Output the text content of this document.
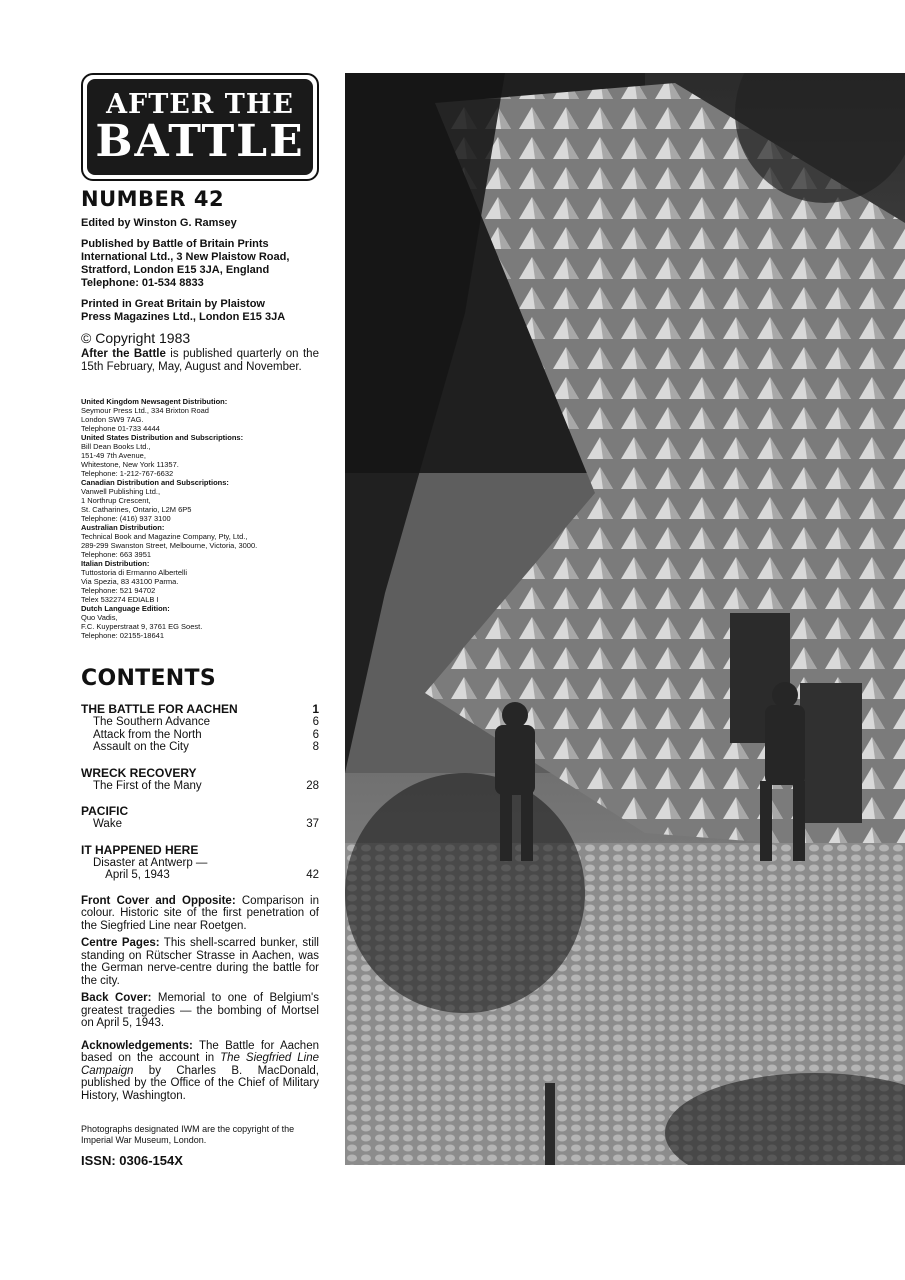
AFTER THE
BATTLE
NUMBER 42
Edited by Winston G. Ramsey
Published by Battle of Britain Prints
International Ltd., 3 New Plaistow Road,
Stratford, London E15 3JA, England
Telephone: 01-534 8833
Printed in Great Britain by Plaistow
Press Magazines Ltd., London E15 3JA
© Copyright 1983
After the Battle is published quarterly on the 15th February, May, August and November.
United Kingdom Newsagent Distribution:
Seymour Press Ltd., 334 Brixton Road
London SW9 7AG.
Telephone 01-733 4444
United States Distribution and Subscriptions:
Bill Dean Books Ltd.,
151-49 7th Avenue,
Whitestone, New York 11357.
Telephone: 1-212-767-6632
Canadian Distribution and Subscriptions:
Vanwell Publishing Ltd.,
1 Northrup Crescent,
St. Catharines, Ontario, L2M 6P5
Telephone: (416) 937 3100
Australian Distribution:
Technical Book and Magazine Company, Pty, Ltd.,
289-299 Swanston Street, Melbourne, Victoria, 3000.
Telephone: 663 3951
Italian Distribution:
Tuttostoria di Ermanno Albertelli
Via Spezia, 83 43100 Parma.
Telephone: 521 94702
Telex 532274 EDIALB I
Dutch Language Edition:
Quo Vadis,
F.C. Kuyperstraat 9, 3761 EG Soest.
Telephone: 02155-18641
CONTENTS
THE BATTLE FOR AACHEN	1
The Southern Advance	6
Attack from the North	6
Assault on the City	8
WRECK RECOVERY
The First of the Many	28
PACIFIC
Wake	37
IT HAPPENED HERE
Disaster at Antwerp —
April 5, 1943	42
Front Cover and Opposite: Comparison in colour. Historic site of the first penetration of the Siegfried Line near Roetgen.
Centre Pages: This shell-scarred bunker, still standing on Rütscher Strasse in Aachen, was the German nerve-centre during the battle for the city.
Back Cover: Memorial to one of Belgium's greatest tragedies — the bombing of Mortsel on April 5, 1943.
Acknowledgements: The Battle for Aachen based on the account in The Siegfried Line Campaign by Charles B. MacDonald, published by the Office of the Chief of Military History, Washington.
Photographs designated IWM are the copyright of the Imperial War Museum, London.
ISSN: 0306-154X
